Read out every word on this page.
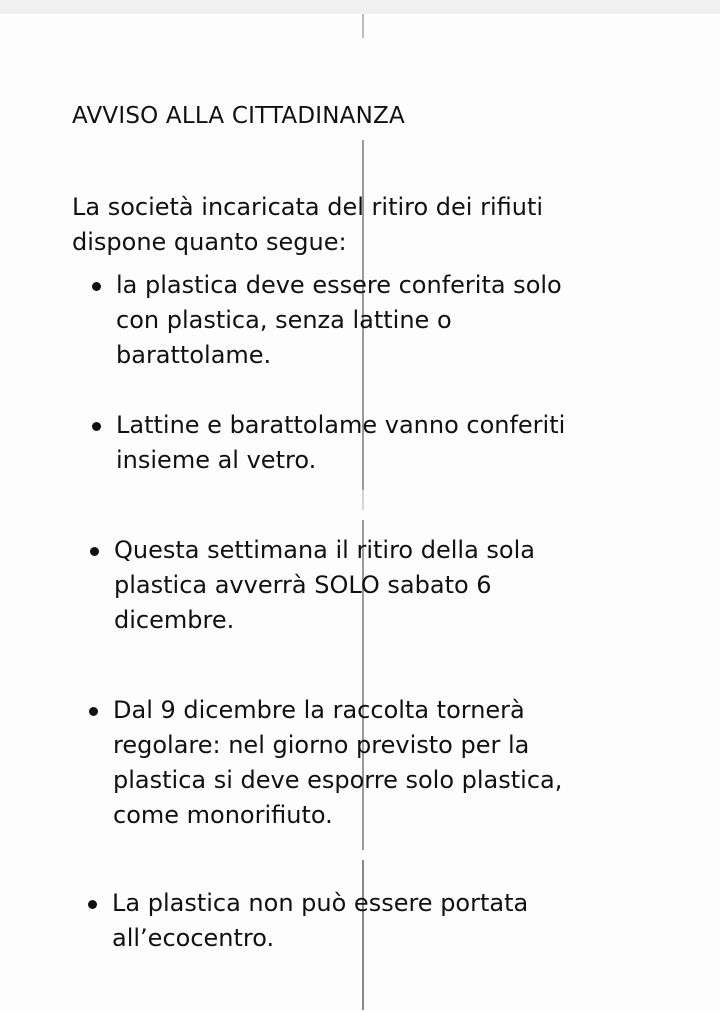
AVVISO ALLA CITTADINANZA
La società incaricata del ritiro dei rifiuti
dispone quanto segue:
la plastica deve essere conferita solo
con plastica, senza lattine o
barattolame.
Lattine e barattolame vanno conferiti
insieme al vetro.
Questa settimana il ritiro della sola
plastica avverrà SOLO sabato 6
dicembre.
Dal 9 dicembre la raccolta tornerà
regolare: nel giorno previsto per la
plastica si deve esporre solo plastica,
come monorifiuto.
La plastica non può essere portata
all’ecocentro.
